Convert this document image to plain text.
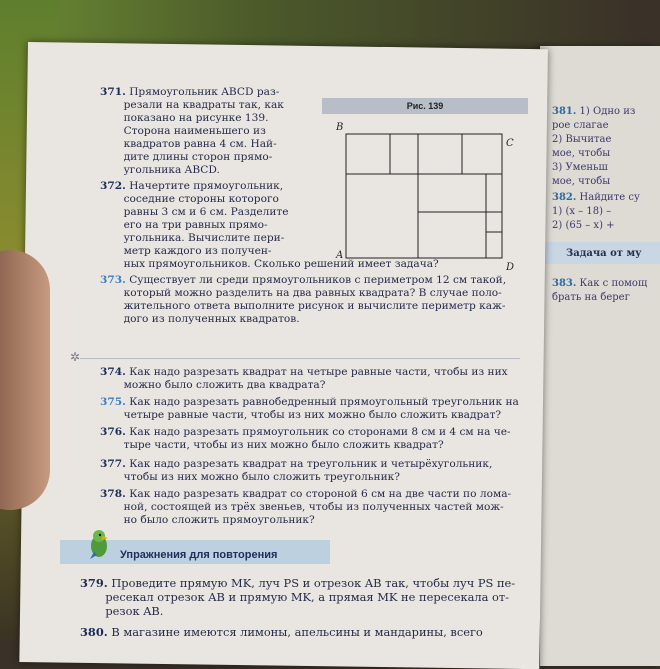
381. 1) Одно из
рое слагае
2) Вычитае
мое, чтобы
3) Уменьш
мое, чтобы
382. Найдите су
1) (x – 18) –
2) (65 – x) +
Задача от му
383. Как с помощ
брать на берег
Рис. 139
B
C
A
D
371. Прямоугольник ABCD раз-
резали на квадраты так, как
показано на рисунке 139.
Сторона наименьшего из
квадратов равна 4 см. Най-
дите длины сторон прямо-
угольника ABCD.
372. Начертите прямоугольник,
соседние стороны которого
равны 3 см и 6 см. Разделите
его на три равных прямо-
угольника. Вычислите пери-
метр каждого из получен-
ных прямоугольников. Сколько решений имеет задача?
373. Существует ли среди прямоугольников с периметром 12 см такой,
который можно разделить на два равных квадрата? В случае поло-
жительного ответа выполните рисунок и вычислите периметр каж-
дого из полученных квадратов.
✲
374. Как надо разрезать квадрат на четыре равные части, чтобы из них
можно было сложить два квадрата?
375. Как надо разрезать равнобедренный прямоугольный треугольник на
четыре равные части, чтобы из них можно было сложить квадрат?
376. Как надо разрезать прямоугольник со сторонами 8 см и 4 см на че-
тыре части, чтобы из них можно было сложить квадрат?
377. Как надо разрезать квадрат на треугольник и четырёхугольник,
чтобы из них можно было сложить треугольник?
378. Как надо разрезать квадрат со стороной 6 см на две части по лома-
ной, состоящей из трёх звеньев, чтобы из полученных частей мож-
но было сложить прямоугольник?
Упражнения для повторения
379. Проведите прямую MK, луч PS и отрезок AB так, чтобы луч PS пе-
ресекал отрезок AB и прямую MK, а прямая MK не пересекала от-
резок AB.
380. В магазине имеются лимоны, апельсины и мандарины, всего
